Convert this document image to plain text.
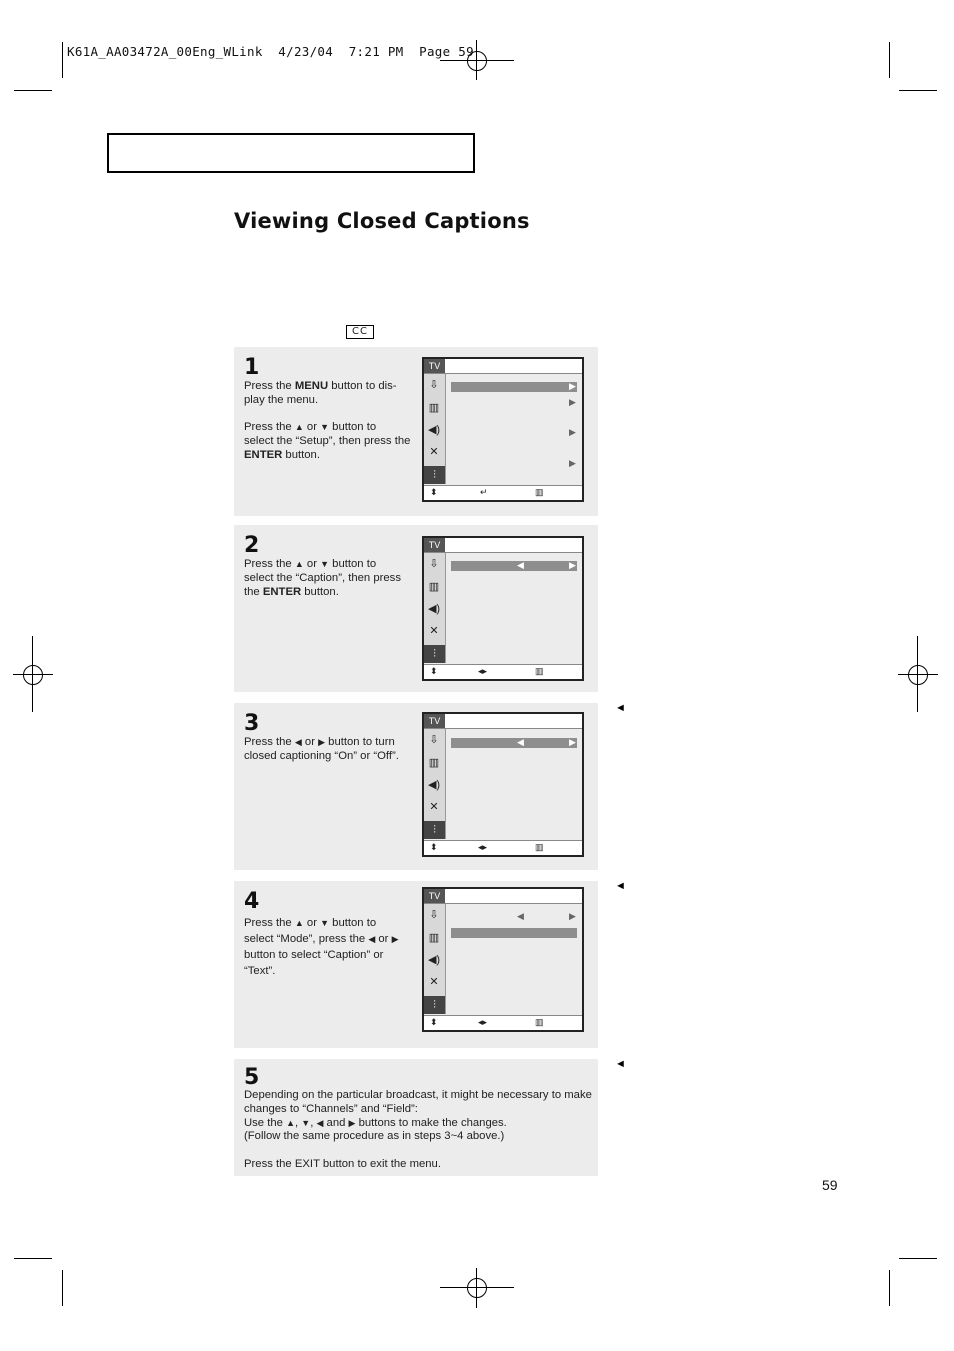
K61A_AA03472A_00Eng_WLink  4/23/04  7:21 PM  Page 59
Viewing Closed Captions
CC
1
Press the MENU button to dis-
play the menu.

Press the ▲ or ▼ button to
select the “Setup”, then press the
ENTER button.
TV
⇩
▥
◀)
✕
⫶
▶
▶
▶
▶
⬍	↵	▥
2
Press the ▲ or ▼ button to
select the “Caption”, then press
the ENTER button.
TV
⇩
▥
◀)
✕
⫶
◀	▶
⬍	◂▸	▥
3
Press the ◀ or ▶ button to turn
closed captioning “On” or “Off”.
TV
⇩
▥
◀)
✕
⫶
◀	▶
⬍	◂▸	▥
4
Press the ▲ or ▼ button to
select “Mode”, press the ◀ or ▶
button to select “Caption” or
“Text”.
TV
⇩
▥
◀)
✕
⫶
◀	▶
⬍	◂▸	▥
5
Depending on the particular broadcast, it might be necessary to make
changes to “Channels” and “Field”:
Use the ▲, ▼, ◀ and ▶ buttons to make the changes.
(Follow the same procedure as in steps 3~4 above.)

Press the EXIT button to exit the menu.
◄
◄
◄
59
